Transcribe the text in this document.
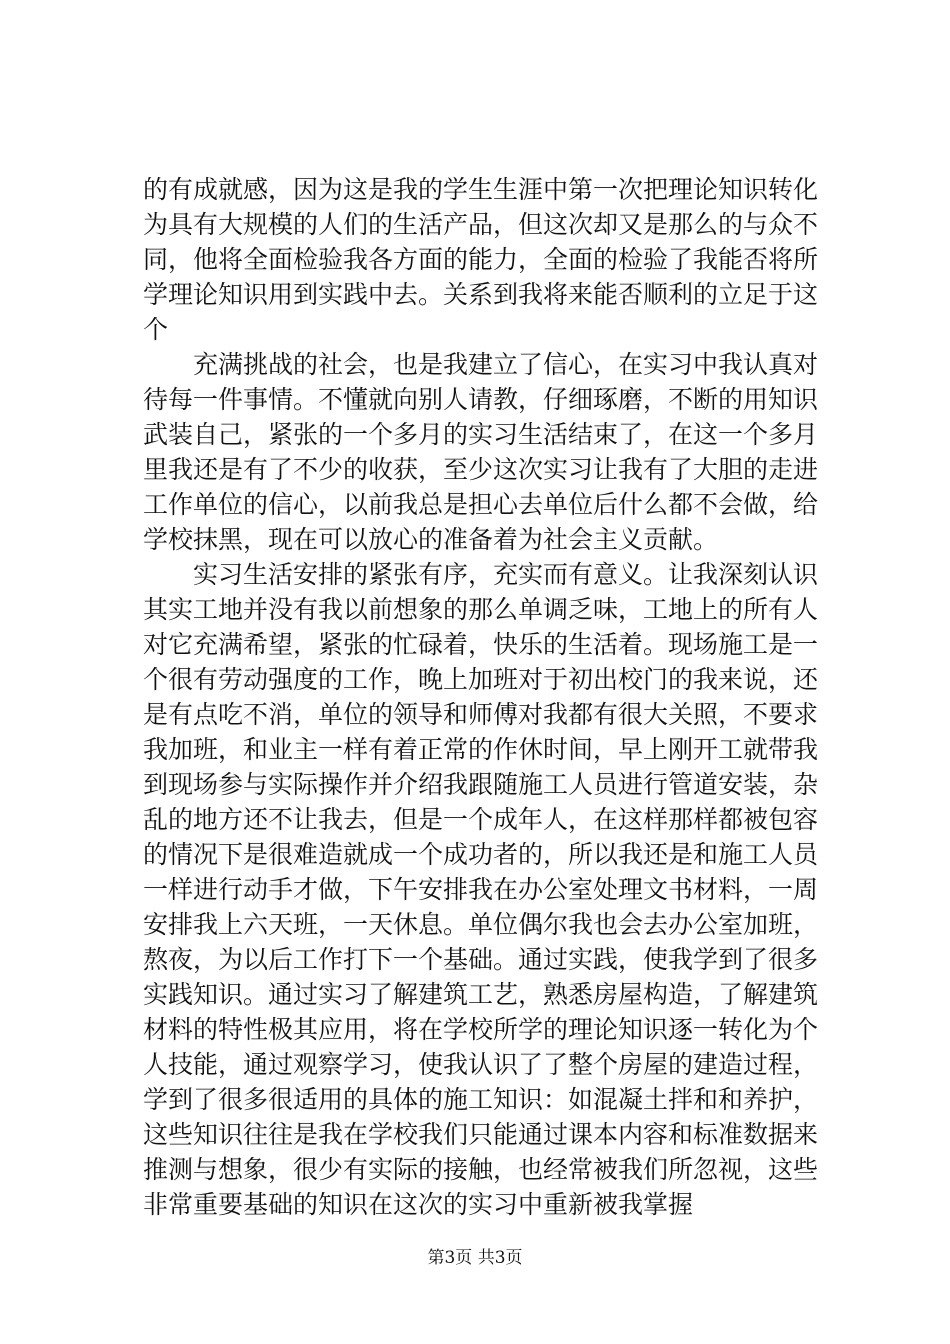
的有成就感，因为这是我的学生生涯中第一次把理论知识转化
为具有大规模的人们的生活产品，但这次却又是那么的与众不
同，他将全面检验我各方面的能力，全面的检验了我能否将所
学理论知识用到实践中去。关系到我将来能否顺利的立足于这
个
　　充满挑战的社会，也是我建立了信心，在实习中我认真对
待每一件事情。不懂就向别人请教，仔细琢磨，不断的用知识
武装自己，紧张的一个多月的实习生活结束了，在这一个多月
里我还是有了不少的收获，至少这次实习让我有了大胆的走进
工作单位的信心，以前我总是担心去单位后什么都不会做，给
学校抹黑，现在可以放心的准备着为社会主义贡献。
　　实习生活安排的紧张有序，充实而有意义。让我深刻认识
其实工地并没有我以前想象的那么单调乏味，工地上的所有人
对它充满希望，紧张的忙碌着，快乐的生活着。现场施工是一
个很有劳动强度的工作，晚上加班对于初出校门的我来说，还
是有点吃不消，单位的领导和师傅对我都有很大关照，不要求
我加班，和业主一样有着正常的作休时间，早上刚开工就带我
到现场参与实际操作并介绍我跟随施工人员进行管道安装，杂
乱的地方还不让我去，但是一个成年人，在这样那样都被包容
的情况下是很难造就成一个成功者的，所以我还是和施工人员
一样进行动手才做，下午安排我在办公室处理文书材料，一周
安排我上六天班，一天休息。单位偶尔我也会去办公室加班，
熬夜，为以后工作打下一个基础。通过实践，使我学到了很多
实践知识。通过实习了解建筑工艺，熟悉房屋构造，了解建筑
材料的特性极其应用，将在学校所学的理论知识逐一转化为个
人技能，通过观察学习，使我认识了了整个房屋的建造过程，
学到了很多很适用的具体的施工知识：如混凝土拌和和养护，
这些知识往往是我在学校我们只能通过课本内容和标准数据来
推测与想象，很少有实际的接触，也经常被我们所忽视，这些
非常重要基础的知识在这次的实习中重新被我掌握
第3页 共3页
